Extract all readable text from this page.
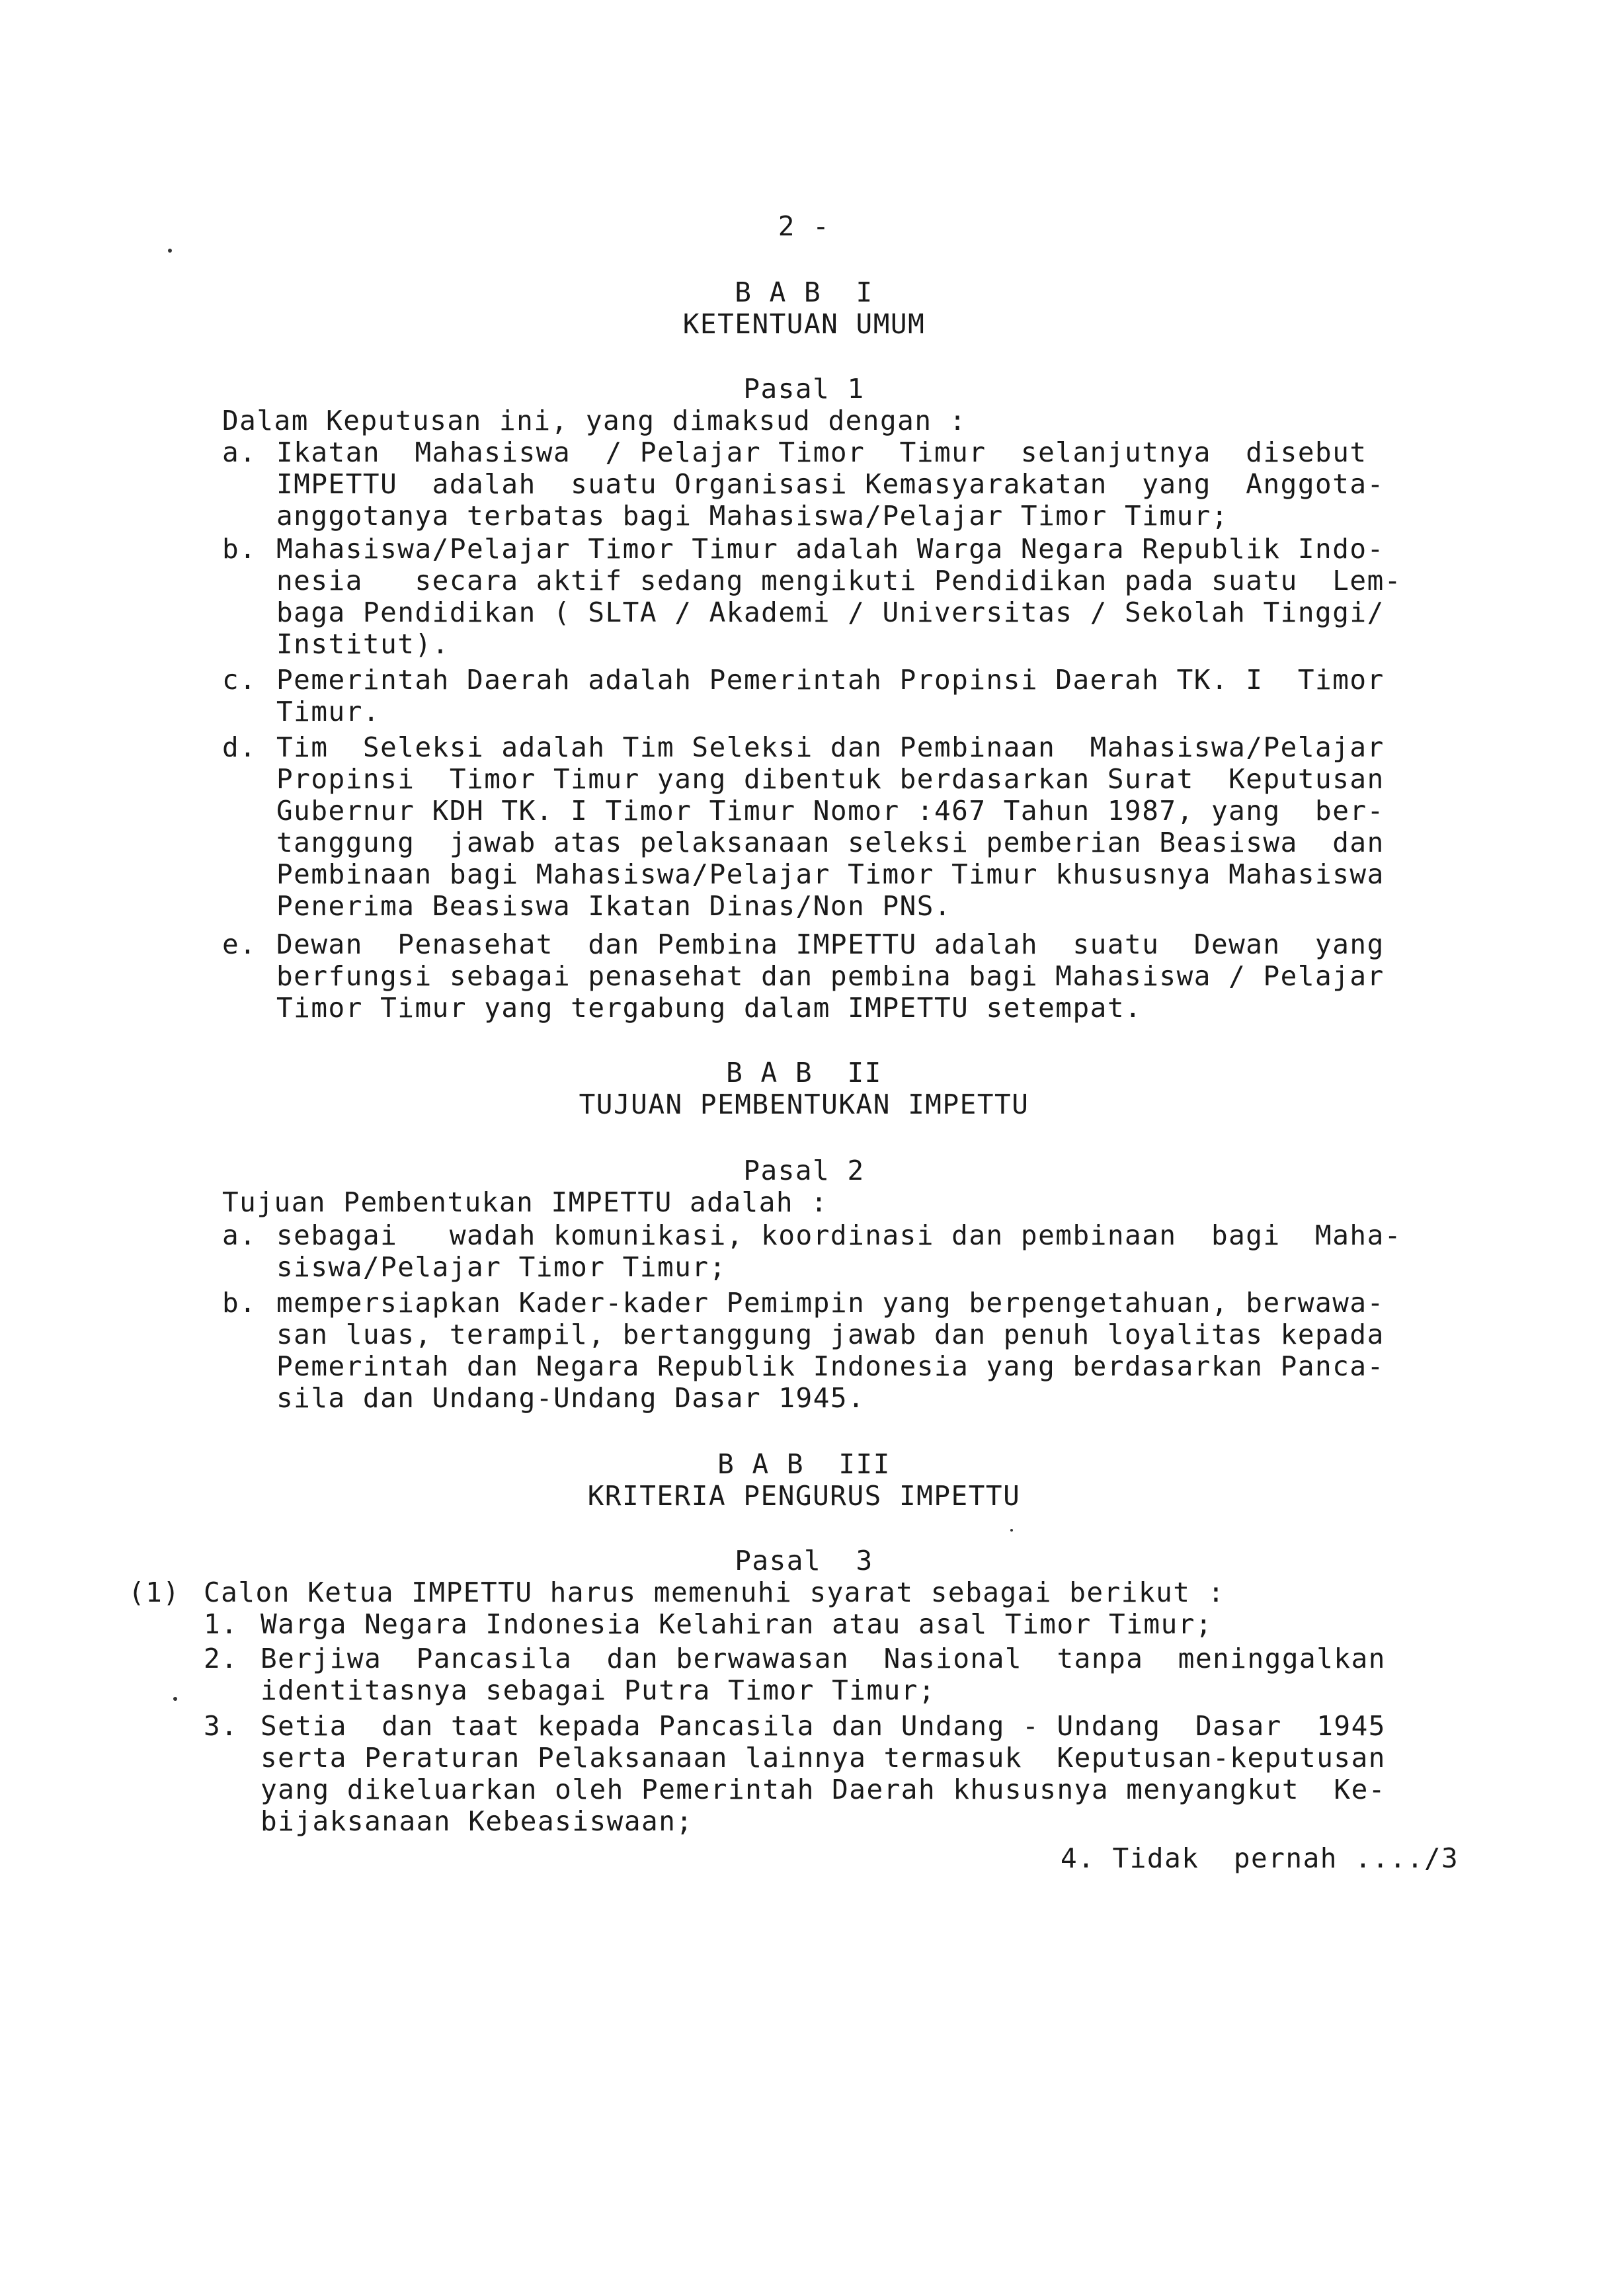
2 -
B A B  I
KETENTUAN UMUM
Pasal 1
Dalam Keputusan ini, yang dimaksud dengan :
a. Ikatan  Mahasiswa  / Pelajar Timor  Timur  selanjutnya  disebut
IMPETTU  adalah  suatu Organisasi Kemasyarakatan  yang  Anggota-
anggotanya terbatas bagi Mahasiswa/Pelajar Timor Timur;
b. Mahasiswa/Pelajar Timor Timur adalah Warga Negara Republik Indo-
nesia   secara aktif sedang mengikuti Pendidikan pada suatu  Lem-
baga Pendidikan ( SLTA / Akademi / Universitas / Sekolah Tinggi/
Institut).
c. Pemerintah Daerah adalah Pemerintah Propinsi Daerah TK. I  Timor
Timur.
d. Tim  Seleksi adalah Tim Seleksi dan Pembinaan  Mahasiswa/Pelajar
Propinsi  Timor Timur yang dibentuk berdasarkan Surat  Keputusan
Gubernur KDH TK. I Timor Timur Nomor :467 Tahun 1987, yang  ber-
tanggung  jawab atas pelaksanaan seleksi pemberian Beasiswa  dan
Pembinaan bagi Mahasiswa/Pelajar Timor Timur khususnya Mahasiswa
Penerima Beasiswa Ikatan Dinas/Non PNS.
e. Dewan  Penasehat  dan Pembina IMPETTU adalah  suatu  Dewan  yang
berfungsi sebagai penasehat dan pembina bagi Mahasiswa / Pelajar
Timor Timur yang tergabung dalam IMPETTU setempat.
B A B  II
TUJUAN PEMBENTUKAN IMPETTU
Pasal 2
Tujuan Pembentukan IMPETTU adalah :
a. sebagai   wadah komunikasi, koordinasi dan pembinaan  bagi  Maha-
siswa/Pelajar Timor Timur;
b. mempersiapkan Kader-kader Pemimpin yang berpengetahuan, berwawa-
san luas, terampil, bertanggung jawab dan penuh loyalitas kepada
Pemerintah dan Negara Republik Indonesia yang berdasarkan Panca-
sila dan Undang-Undang Dasar 1945.
B A B  III
KRITERIA PENGURUS IMPETTU
Pasal  3
(1) Calon Ketua IMPETTU harus memenuhi syarat sebagai berikut :
1. Warga Negara Indonesia Kelahiran atau asal Timor Timur;
2. Berjiwa  Pancasila  dan berwawasan  Nasional  tanpa  meninggalkan
identitasnya sebagai Putra Timor Timur;
3. Setia  dan taat kepada Pancasila dan Undang - Undang  Dasar  1945
serta Peraturan Pelaksanaan lainnya termasuk  Keputusan-keputusan
yang dikeluarkan oleh Pemerintah Daerah khususnya menyangkut  Ke-
bijaksanaan Kebeasiswaan;
4. Tidak  pernah ..../3
